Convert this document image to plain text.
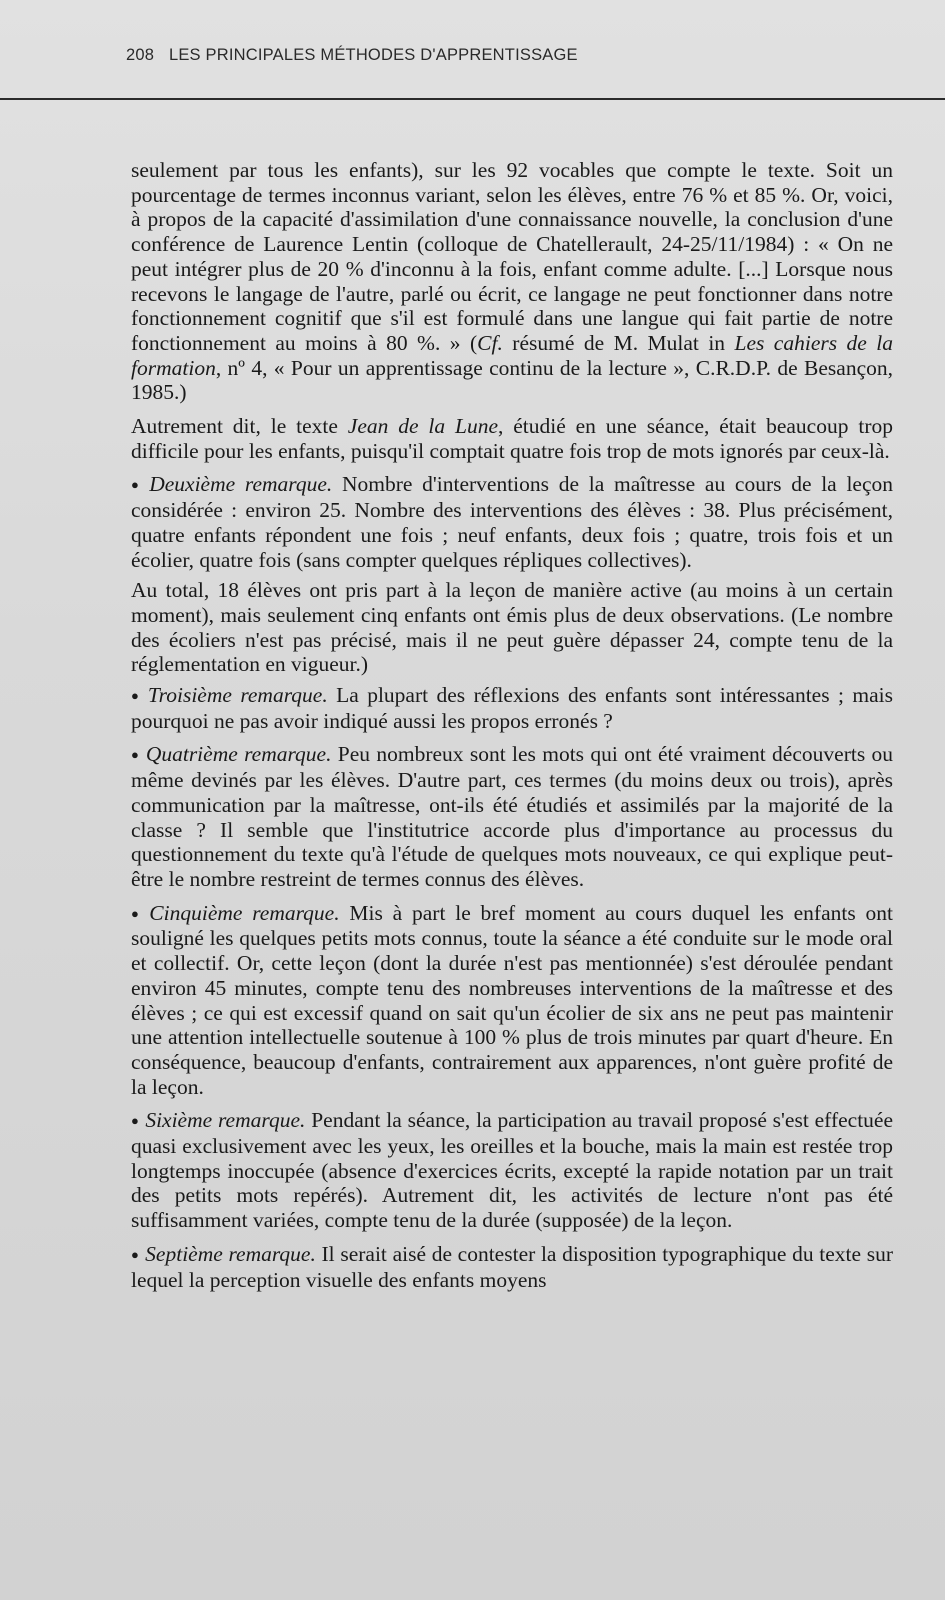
208 LES PRINCIPALES MÉTHODES D'APPRENTISSAGE

seulement par tous les enfants), sur les 92 vocables que compte le texte. Soit un pourcentage de termes inconnus variant, selon les élèves, entre 76 % et 85 %. Or, voici, à propos de la capacité d'assimilation d'une connaissance nouvelle, la conclusion d'une conférence de Laurence Lentin (colloque de Chatellerault, 24-25/11/1984) : « On ne peut intégrer plus de 20 % d'inconnu à la fois, enfant comme adulte. [...] Lorsque nous recevons le langage de l'autre, parlé ou écrit, ce langage ne peut fonctionner dans notre fonctionnement cognitif que s'il est formulé dans une langue qui fait partie de notre fonctionnement au moins à 80 %. » (Cf. résumé de M. Mulat in Les cahiers de la formation, nº 4, « Pour un apprentissage continu de la lecture », C.R.D.P. de Besançon, 1985.)

Autrement dit, le texte Jean de la Lune, étudié en une séance, était beaucoup trop difficile pour les enfants, puisqu'il comptait quatre fois trop de mots ignorés par ceux-là.

● Deuxième remarque. Nombre d'interventions de la maîtresse au cours de la leçon considérée : environ 25. Nombre des interventions des élèves : 38. Plus précisément, quatre enfants répondent une fois ; neuf enfants, deux fois ; quatre, trois fois et un écolier, quatre fois (sans compter quelques répliques collectives).

Au total, 18 élèves ont pris part à la leçon de manière active (au moins à un certain moment), mais seulement cinq enfants ont émis plus de deux observations. (Le nombre des écoliers n'est pas précisé, mais il ne peut guère dépasser 24, compte tenu de la réglementation en vigueur.)

● Troisième remarque. La plupart des réflexions des enfants sont intéressantes ; mais pourquoi ne pas avoir indiqué aussi les propos erronés ?

● Quatrième remarque. Peu nombreux sont les mots qui ont été vraiment découverts ou même devinés par les élèves. D'autre part, ces termes (du moins deux ou trois), après communication par la maîtresse, ont-ils été étudiés et assimilés par la majorité de la classe ? Il semble que l'institutrice accorde plus d'importance au processus du questionnement du texte qu'à l'étude de quelques mots nouveaux, ce qui explique peut-être le nombre restreint de termes connus des élèves.

● Cinquième remarque. Mis à part le bref moment au cours duquel les enfants ont souligné les quelques petits mots connus, toute la séance a été conduite sur le mode oral et collectif. Or, cette leçon (dont la durée n'est pas mentionnée) s'est déroulée pendant environ 45 minutes, compte tenu des nombreuses interventions de la maîtresse et des élèves ; ce qui est excessif quand on sait qu'un écolier de six ans ne peut pas maintenir une attention intellectuelle soutenue à 100 % plus de trois minutes par quart d'heure. En conséquence, beaucoup d'enfants, contrairement aux apparences, n'ont guère profité de la leçon.

● Sixième remarque. Pendant la séance, la participation au travail proposé s'est effectuée quasi exclusivement avec les yeux, les oreilles et la bouche, mais la main est restée trop longtemps inoccupée (absence d'exercices écrits, excepté la rapide notation par un trait des petits mots repérés). Autrement dit, les activités de lecture n'ont pas été suffisamment variées, compte tenu de la durée (supposée) de la leçon.

● Septième remarque. Il serait aisé de contester la disposition typographique du texte sur lequel la perception visuelle des enfants moyens
